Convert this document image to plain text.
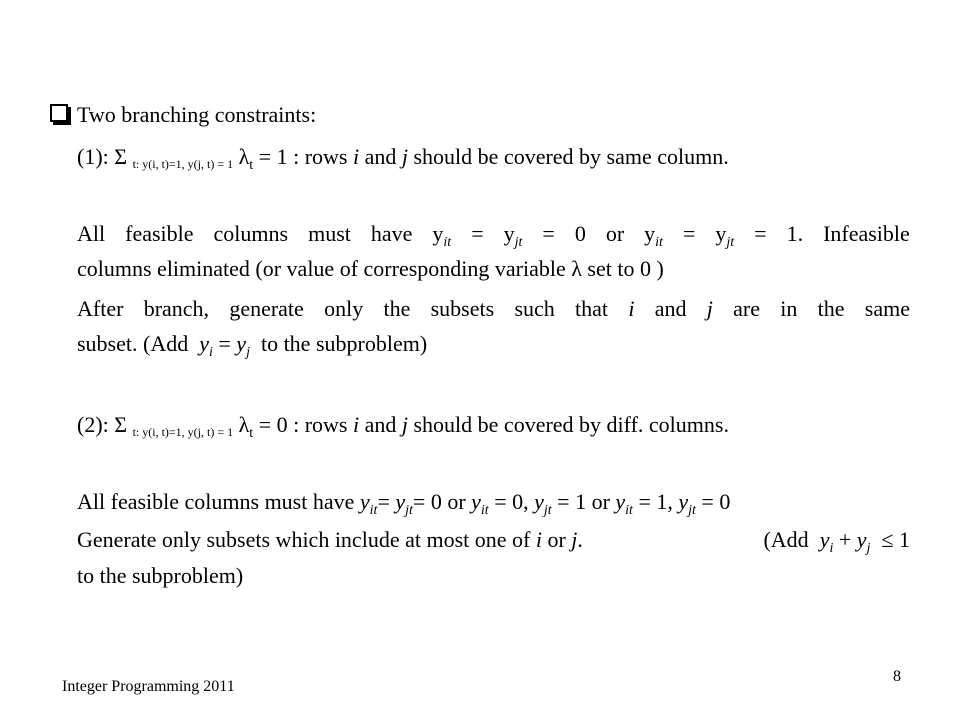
Two branching constraints:
(1): Σ t: y(i, t)=1, y(j, t) = 1 $\lambda_t = 1$ : rows i and j should be covered by same column.
All feasible columns must have $y_{it} = y_{jt} = 0$ or $y_{it} = y_{jt} = 1$. Infeasible
columns eliminated (or value of corresponding variable λ set to 0 )
After branch, generate only the subsets such that i and j are in the same
subset. (Add $y_i = y_j$ to the subproblem)
(2): Σ t: y(i, t)=1, y(j, t) = 1 $\lambda_t = 0$ : rows i and j should be covered by diff. columns.
All feasible columns must have $y_{it}= y_{jt}= 0$ or $y_{it} = 0$, $y_{jt} = 1$ or $y_{it} = 1$, $y_{jt} = 0$
Generate only subsets which include at most one of i or j.	(Add $y_i + y_j \le 1$
to the subproblem)
Integer Programming 2011
8
